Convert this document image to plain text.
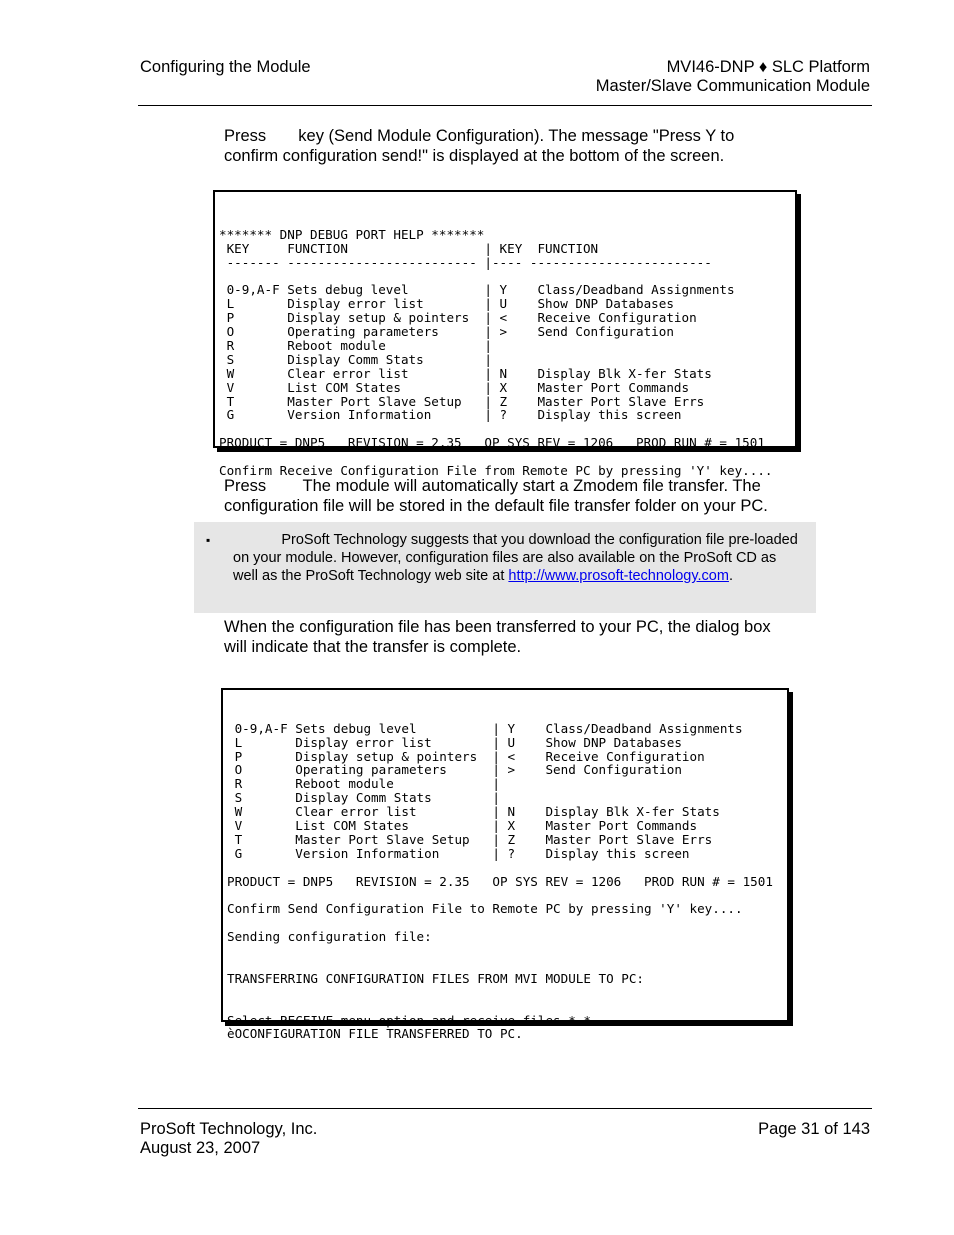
Configuring the Module	MVI46-DNP ♦ SLC Platform
Master/Slave Communication Module
Press       key (Send Module Configuration). The message "Press Y to
confirm configuration send!" is displayed at the bottom of the screen.

******* DNP DEBUG PORT HELP *******
KEY     FUNCTION                  | KEY  FUNCTION
------- ------------------------- |---- ------------------------
0-9,A-F Sets debug level          | Y    Class/Deadband Assignments
L       Display error list        | U    Show DNP Databases
P       Display setup & pointers  | <    Receive Configuration
O       Operating parameters      | >    Send Configuration
R       Reboot module             |
S       Display Comm Stats        |
W       Clear error list          | N    Display Blk X-fer Stats
V       List COM States           | X    Master Port Commands
T       Master Port Slave Setup   | Z    Master Port Slave Errs
G       Version Information       | ?    Display this screen
PRODUCT = DNP5   REVISION = 2.35   OP SYS REV = 1206   PROD RUN # = 1501
Confirm Receive Configuration File from Remote PC by pressing 'Y' key....

Press        The module will automatically start a Zmodem file transfer. The
configuration file will be stored in the default file transfer folder on your PC.
▪ ProSoft Technology suggests that you download the configuration file pre-loaded on your module. However, configuration files are also available on the ProSoft CD as well as the ProSoft Technology web site at http://www.prosoft-technology.com.
When the configuration file has been transferred to your PC, the dialog box
will indicate that the transfer is complete.

0-9,A-F Sets debug level          | Y    Class/Deadband Assignments
L       Display error list        | U    Show DNP Databases
P       Display setup & pointers  | <    Receive Configuration
O       Operating parameters      | >    Send Configuration
R       Reboot module             |
S       Display Comm Stats        |
W       Clear error list          | N    Display Blk X-fer Stats
V       List COM States           | X    Master Port Commands
T       Master Port Slave Setup   | Z    Master Port Slave Errs
G       Version Information       | ?    Display this screen
PRODUCT = DNP5   REVISION = 2.35   OP SYS REV = 1206   PROD RUN # = 1501
Confirm Send Configuration File to Remote PC by pressing 'Y' key....
Sending configuration file:
TRANSFERRING CONFIGURATION FILES FROM MVI MODULE TO PC:
Select RECEIVE menu option and receive files *.*
èOCONFIGURATION FILE TRANSFERRED TO PC.

ProSoft Technology, Inc.
August 23, 2007
Page 31 of 143
